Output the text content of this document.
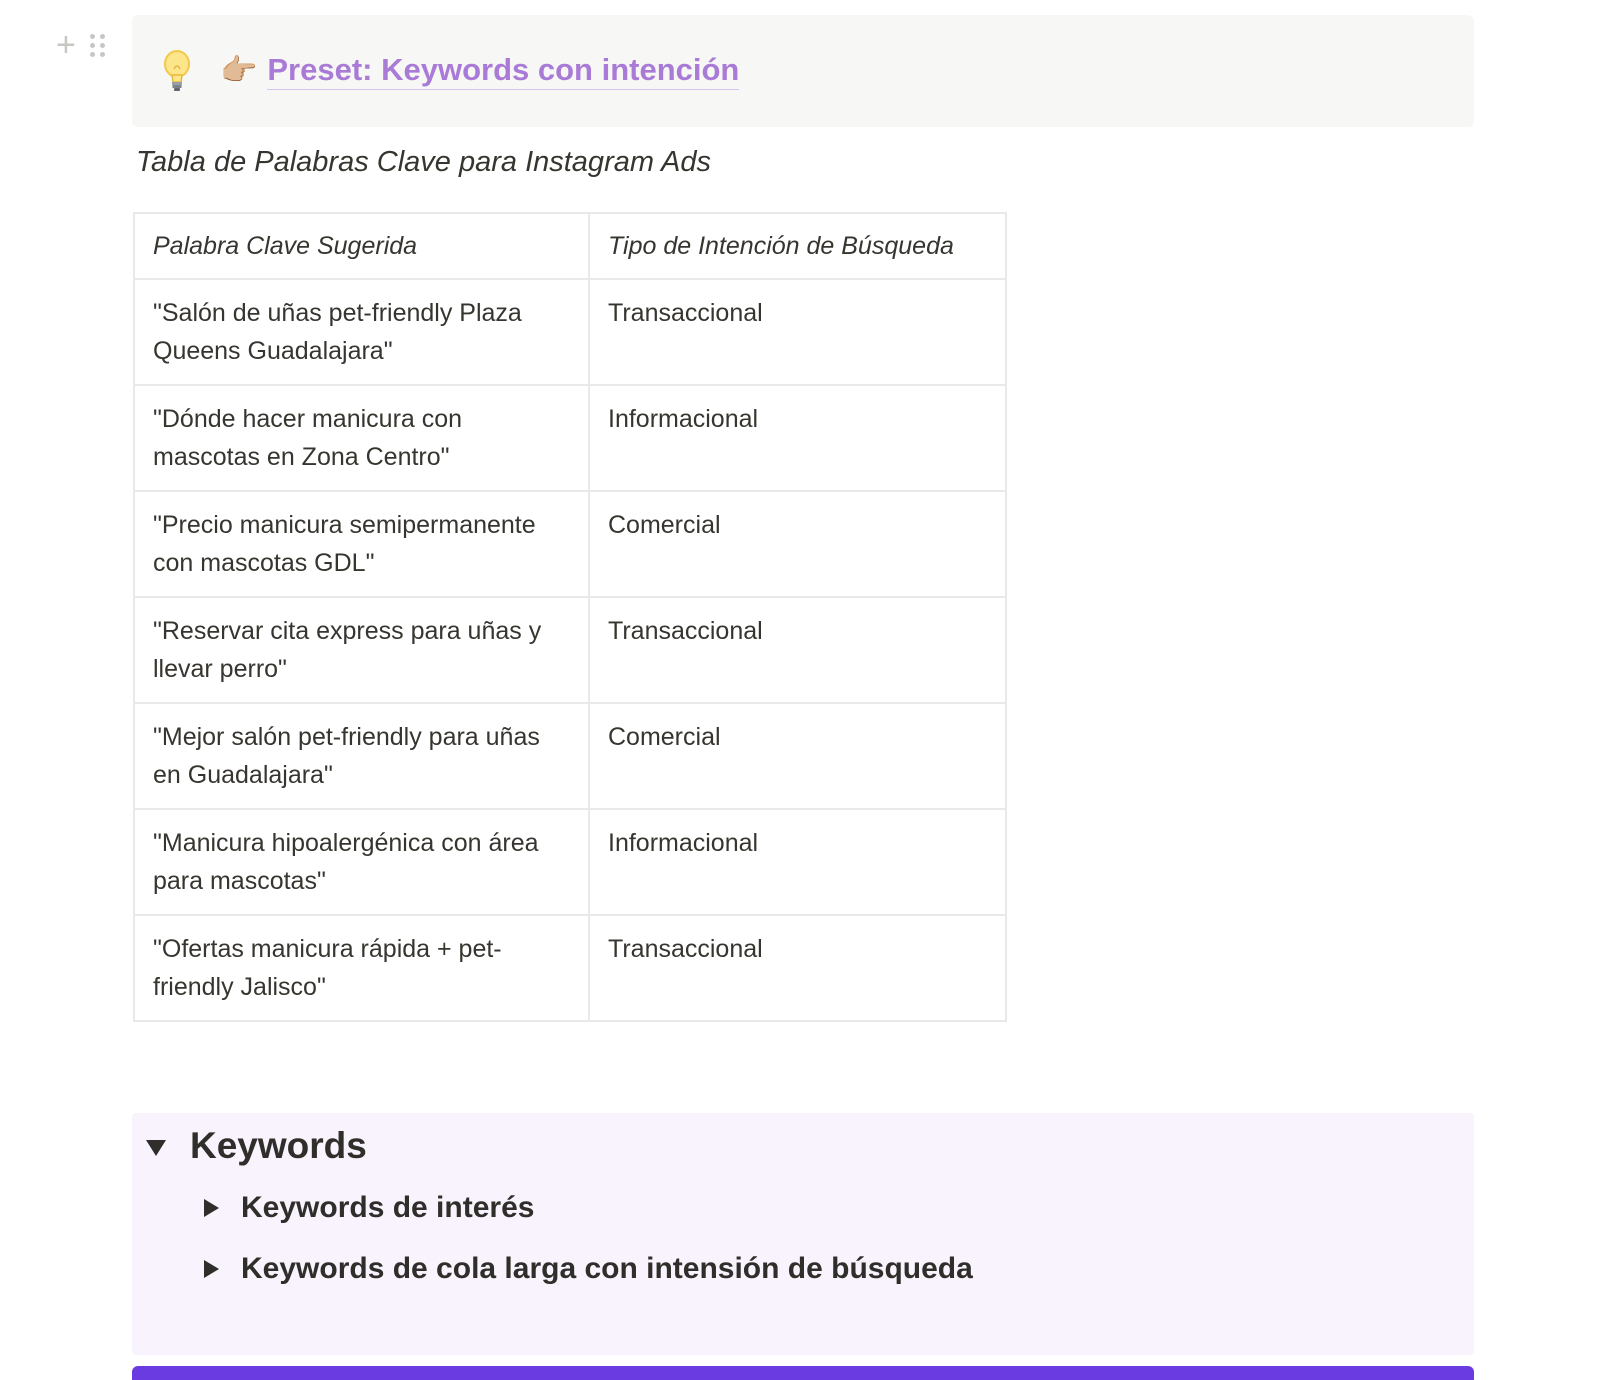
+
👉🏼 Preset: Keywords con intención
Tabla de Palabras Clave para Instagram Ads
Palabra Clave Sugerida	Tipo de Intención de Búsqueda
"Salón de uñas pet-friendly Plaza Queens Guadalajara"	Transaccional
"Dónde hacer manicura con mascotas en Zona Centro"	Informacional
"Precio manicura semipermanente con mascotas GDL"	Comercial
"Reservar cita express para uñas y llevar perro"	Transaccional
"Mejor salón pet-friendly para uñas en Guadalajara"	Comercial
"Manicura hipoalergénica con área para mascotas"	Informacional
"Ofertas manicura rápida + pet-friendly Jalisco"	Transaccional
Keywords
Keywords de interés
Keywords de cola larga con intensión de búsqueda
